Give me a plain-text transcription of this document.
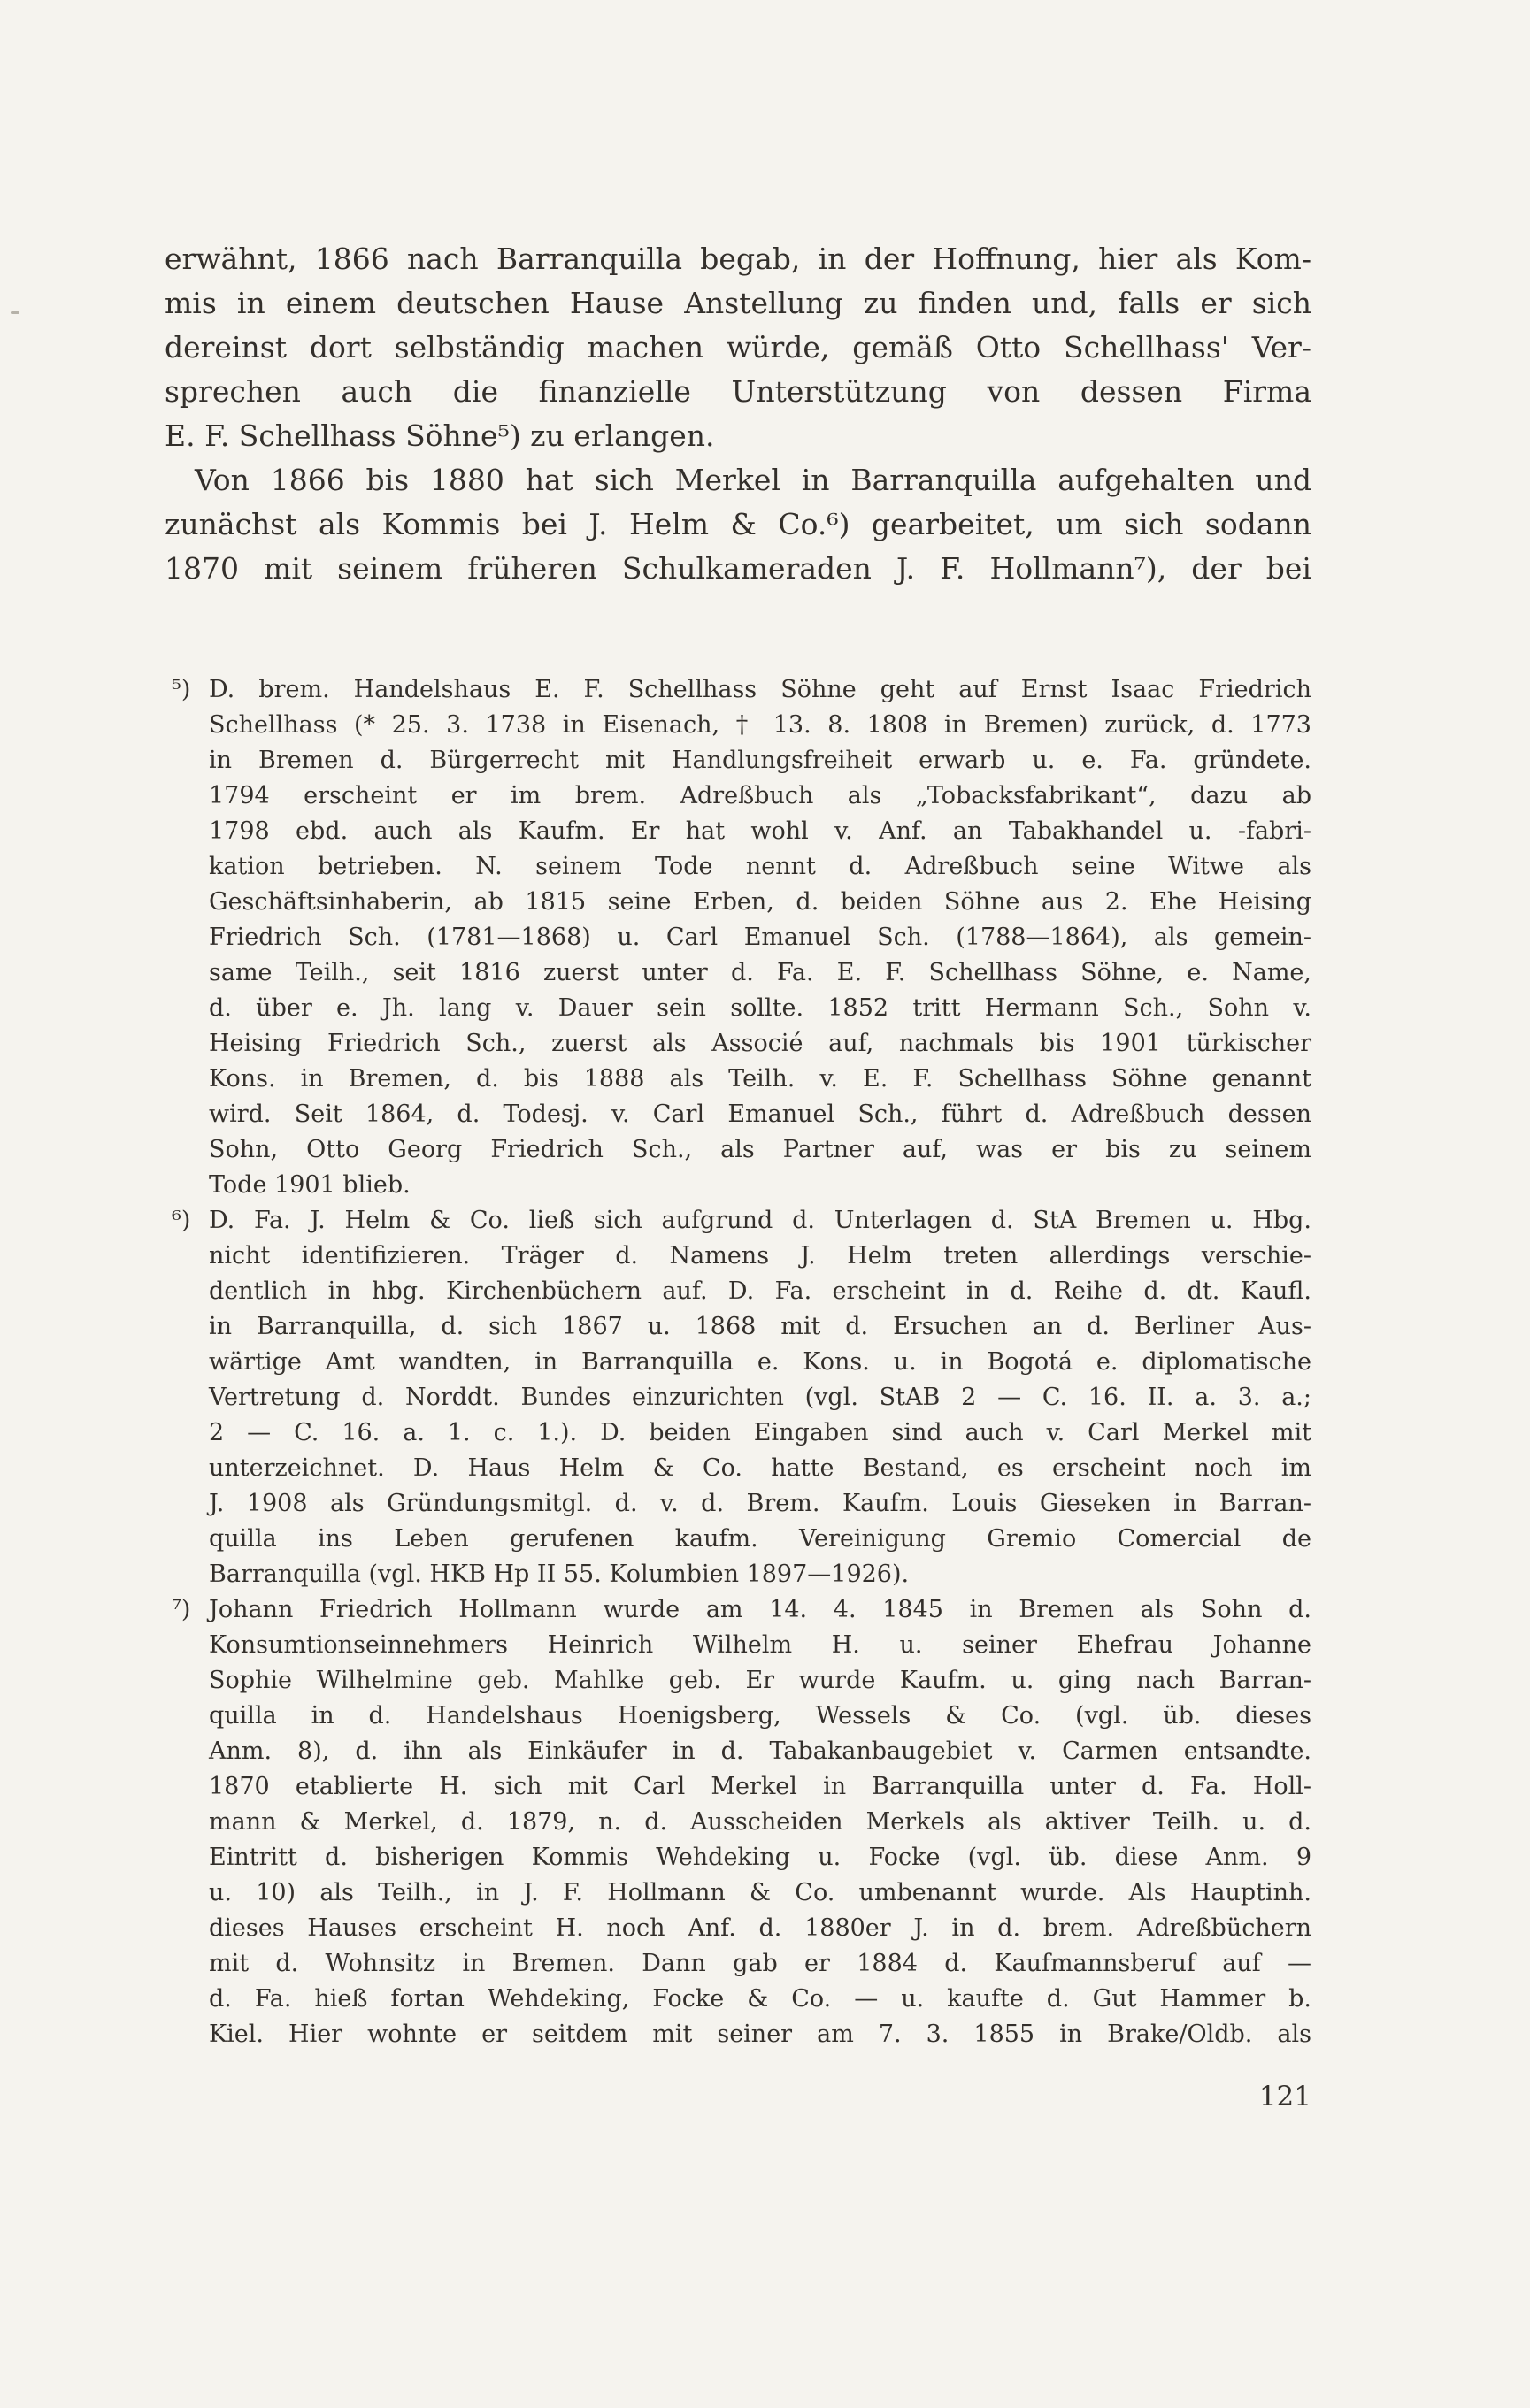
erwähnt, 1866 nach Barranquilla begab, in der Hoffnung, hier als Kom-
mis in einem deutschen Hause Anstellung zu finden und, falls er sich
dereinst dort selbständig machen würde, gemäß Otto Schellhass' Ver-
sprechen auch die finanzielle Unterstützung von dessen Firma
E. F. Schellhass Söhne⁵) zu erlangen.
Von 1866 bis 1880 hat sich Merkel in Barranquilla aufgehalten und
zunächst als Kommis bei J. Helm & Co.⁶) gearbeitet, um sich sodann
1870 mit seinem früheren Schulkameraden J. F. Hollmann⁷), der bei
⁵) D. brem. Handelshaus E. F. Schellhass Söhne geht auf Ernst Isaac Friedrich
Schellhass (* 25. 3. 1738 in Eisenach, † 13. 8. 1808 in Bremen) zurück, d. 1773
in Bremen d. Bürgerrecht mit Handlungsfreiheit erwarb u. e. Fa. gründete.
1794 erscheint er im brem. Adreßbuch als „Tobacksfabrikant“, dazu ab
1798 ebd. auch als Kaufm. Er hat wohl v. Anf. an Tabakhandel u. -fabri-
kation betrieben. N. seinem Tode nennt d. Adreßbuch seine Witwe als
Geschäftsinhaberin, ab 1815 seine Erben, d. beiden Söhne aus 2. Ehe Heising
Friedrich Sch. (1781—1868) u. Carl Emanuel Sch. (1788—1864), als gemein-
same Teilh., seit 1816 zuerst unter d. Fa. E. F. Schellhass Söhne, e. Name,
d. über e. Jh. lang v. Dauer sein sollte. 1852 tritt Hermann Sch., Sohn v.
Heising Friedrich Sch., zuerst als Associé auf, nachmals bis 1901 türkischer
Kons. in Bremen, d. bis 1888 als Teilh. v. E. F. Schellhass Söhne genannt
wird. Seit 1864, d. Todesj. v. Carl Emanuel Sch., führt d. Adreßbuch dessen
Sohn, Otto Georg Friedrich Sch., als Partner auf, was er bis zu seinem
Tode 1901 blieb.
⁶) D. Fa. J. Helm & Co. ließ sich aufgrund d. Unterlagen d. StA Bremen u. Hbg.
nicht identifizieren. Träger d. Namens J. Helm treten allerdings verschie-
dentlich in hbg. Kirchenbüchern auf. D. Fa. erscheint in d. Reihe d. dt. Kaufl.
in Barranquilla, d. sich 1867 u. 1868 mit d. Ersuchen an d. Berliner Aus-
wärtige Amt wandten, in Barranquilla e. Kons. u. in Bogotá e. diplomatische
Vertretung d. Norddt. Bundes einzurichten (vgl. StAB 2 — C. 16. II. a. 3. a.;
2 — C. 16. a. 1. c. 1.). D. beiden Eingaben sind auch v. Carl Merkel mit
unterzeichnet. D. Haus Helm & Co. hatte Bestand, es erscheint noch im
J. 1908 als Gründungsmitgl. d. v. d. Brem. Kaufm. Louis Gieseken in Barran-
quilla ins Leben gerufenen kaufm. Vereinigung Gremio Comercial de
Barranquilla (vgl. HKB Hp II 55. Kolumbien 1897—1926).
⁷) Johann Friedrich Hollmann wurde am 14. 4. 1845 in Bremen als Sohn d.
Konsumtionseinnehmers Heinrich Wilhelm H. u. seiner Ehefrau Johanne
Sophie Wilhelmine geb. Mahlke geb. Er wurde Kaufm. u. ging nach Barran-
quilla in d. Handelshaus Hoenigsberg, Wessels & Co. (vgl. üb. dieses
Anm. 8), d. ihn als Einkäufer in d. Tabakanbaugebiet v. Carmen entsandte.
1870 etablierte H. sich mit Carl Merkel in Barranquilla unter d. Fa. Holl-
mann & Merkel, d. 1879, n. d. Ausscheiden Merkels als aktiver Teilh. u. d.
Eintritt d. bisherigen Kommis Wehdeking u. Focke (vgl. üb. diese Anm. 9
u. 10) als Teilh., in J. F. Hollmann & Co. umbenannt wurde. Als Hauptinh.
dieses Hauses erscheint H. noch Anf. d. 1880er J. in d. brem. Adreßbüchern
mit d. Wohnsitz in Bremen. Dann gab er 1884 d. Kaufmannsberuf auf —
d. Fa. hieß fortan Wehdeking, Focke & Co. — u. kaufte d. Gut Hammer b.
Kiel. Hier wohnte er seitdem mit seiner am 7. 3. 1855 in Brake/Oldb. als
121
